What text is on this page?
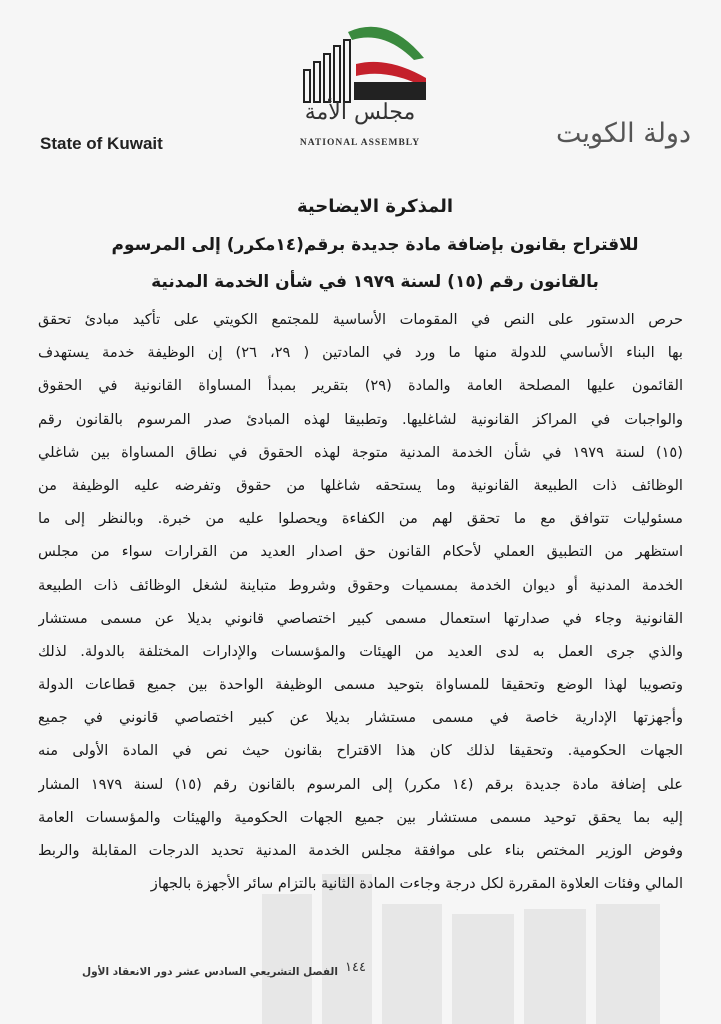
مجلس الأمة
NATIONAL ASSEMBLY
State of Kuwait	دولة الكويت
المذكرة الايضاحية
للاقتراح بقانون بإضافة مادة جديدة برقم(١٤مكرر) إلى المرسوم
بالقانون رقم (١٥) لسنة ١٩٧٩ في شأن الخدمة المدنية
حرص الدستور على النص في المقومات الأساسية للمجتمع الكويتي على تأكيد مبادئ تحقق
بها البناء الأساسي للدولة منها ما ورد في المادتين ( ٢٩، ٢٦) إن الوظيفة خدمة يستهدف
القائمون عليها المصلحة العامة والمادة (٢٩) بتقرير بمبدأ المساواة القانونية في الحقوق
والواجبات في المراكز القانونية لشاغليها. وتطبيقا لهذه المبادئ صدر المرسوم بالقانون رقم
(١٥) لسنة ١٩٧٩ في شأن الخدمة المدنية متوجة لهذه الحقوق في نطاق المساواة بين شاغلي
الوظائف ذات الطبيعة القانونية وما يستحقه شاغلها من حقوق وتفرضه عليه الوظيفة من
مسئوليات تتوافق مع ما تحقق لهم من الكفاءة ويحصلوا عليه من خبرة. وبالنظر إلى ما
استظهر من التطبيق العملي لأحكام القانون حق اصدار العديد من القرارات سواء من مجلس
الخدمة المدنية أو ديوان الخدمة بمسميات وحقوق وشروط متباينة لشغل الوظائف ذات الطبيعة
القانونية وجاء في صدارتها استعمال مسمى كبير اختصاصي قانوني بديلا عن مسمى مستشار
والذي جرى العمل به لدى العديد من الهيئات والمؤسسات والإدارات المختلفة بالدولة. لذلك
وتصويبا لهذا الوضع وتحقيقا للمساواة بتوحيد مسمى الوظيفة الواحدة بين جميع قطاعات الدولة
وأجهزتها الإدارية خاصة في مسمى مستشار بديلا عن كبير اختصاصي قانوني في جميع
الجهات الحكومية. وتحقيقا لذلك كان هذا الاقتراح بقانون حيث نص في المادة الأولى منه
على إضافة مادة جديدة برقم (١٤ مكرر) إلى المرسوم بالقانون رقم (١٥) لسنة ١٩٧٩ المشار
إليه بما يحقق توحيد مسمى مستشار بين جميع الجهات الحكومية والهيئات والمؤسسات العامة
وفوض الوزير المختص بناء على موافقة مجلس الخدمة المدنية تحديد الدرجات المقابلة والربط
المالي وفئات العلاوة المقررة لكل درجة وجاءت المادة الثانية بالتزام سائر الأجهزة بالجهاز
١٤٤
الفصل التشريعي السادس عشر دور الانعقاد الأول
